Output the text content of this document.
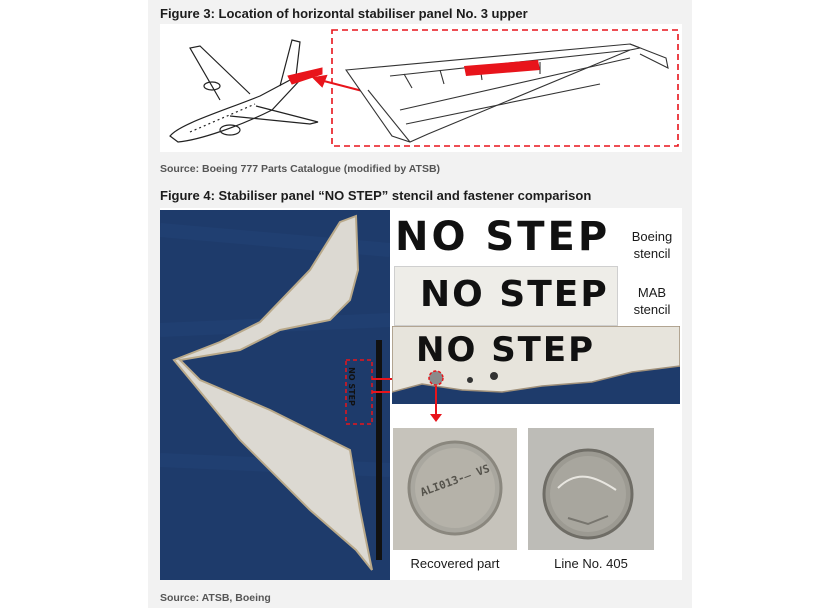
Figure 3: Location of horizontal stabiliser panel No. 3 upper
Source: Boeing 777 Parts Catalogue (modified by ATSB)
Figure 4: Stabiliser panel “NO STEP” stencil and fastener comparison
NO STEP
NO STEP	Boeing
stencil
NO STEP	MAB
stencil
NO STEP
ALI013-̶ VS
Recovered part	Line No. 405
Source: ATSB, Boeing
